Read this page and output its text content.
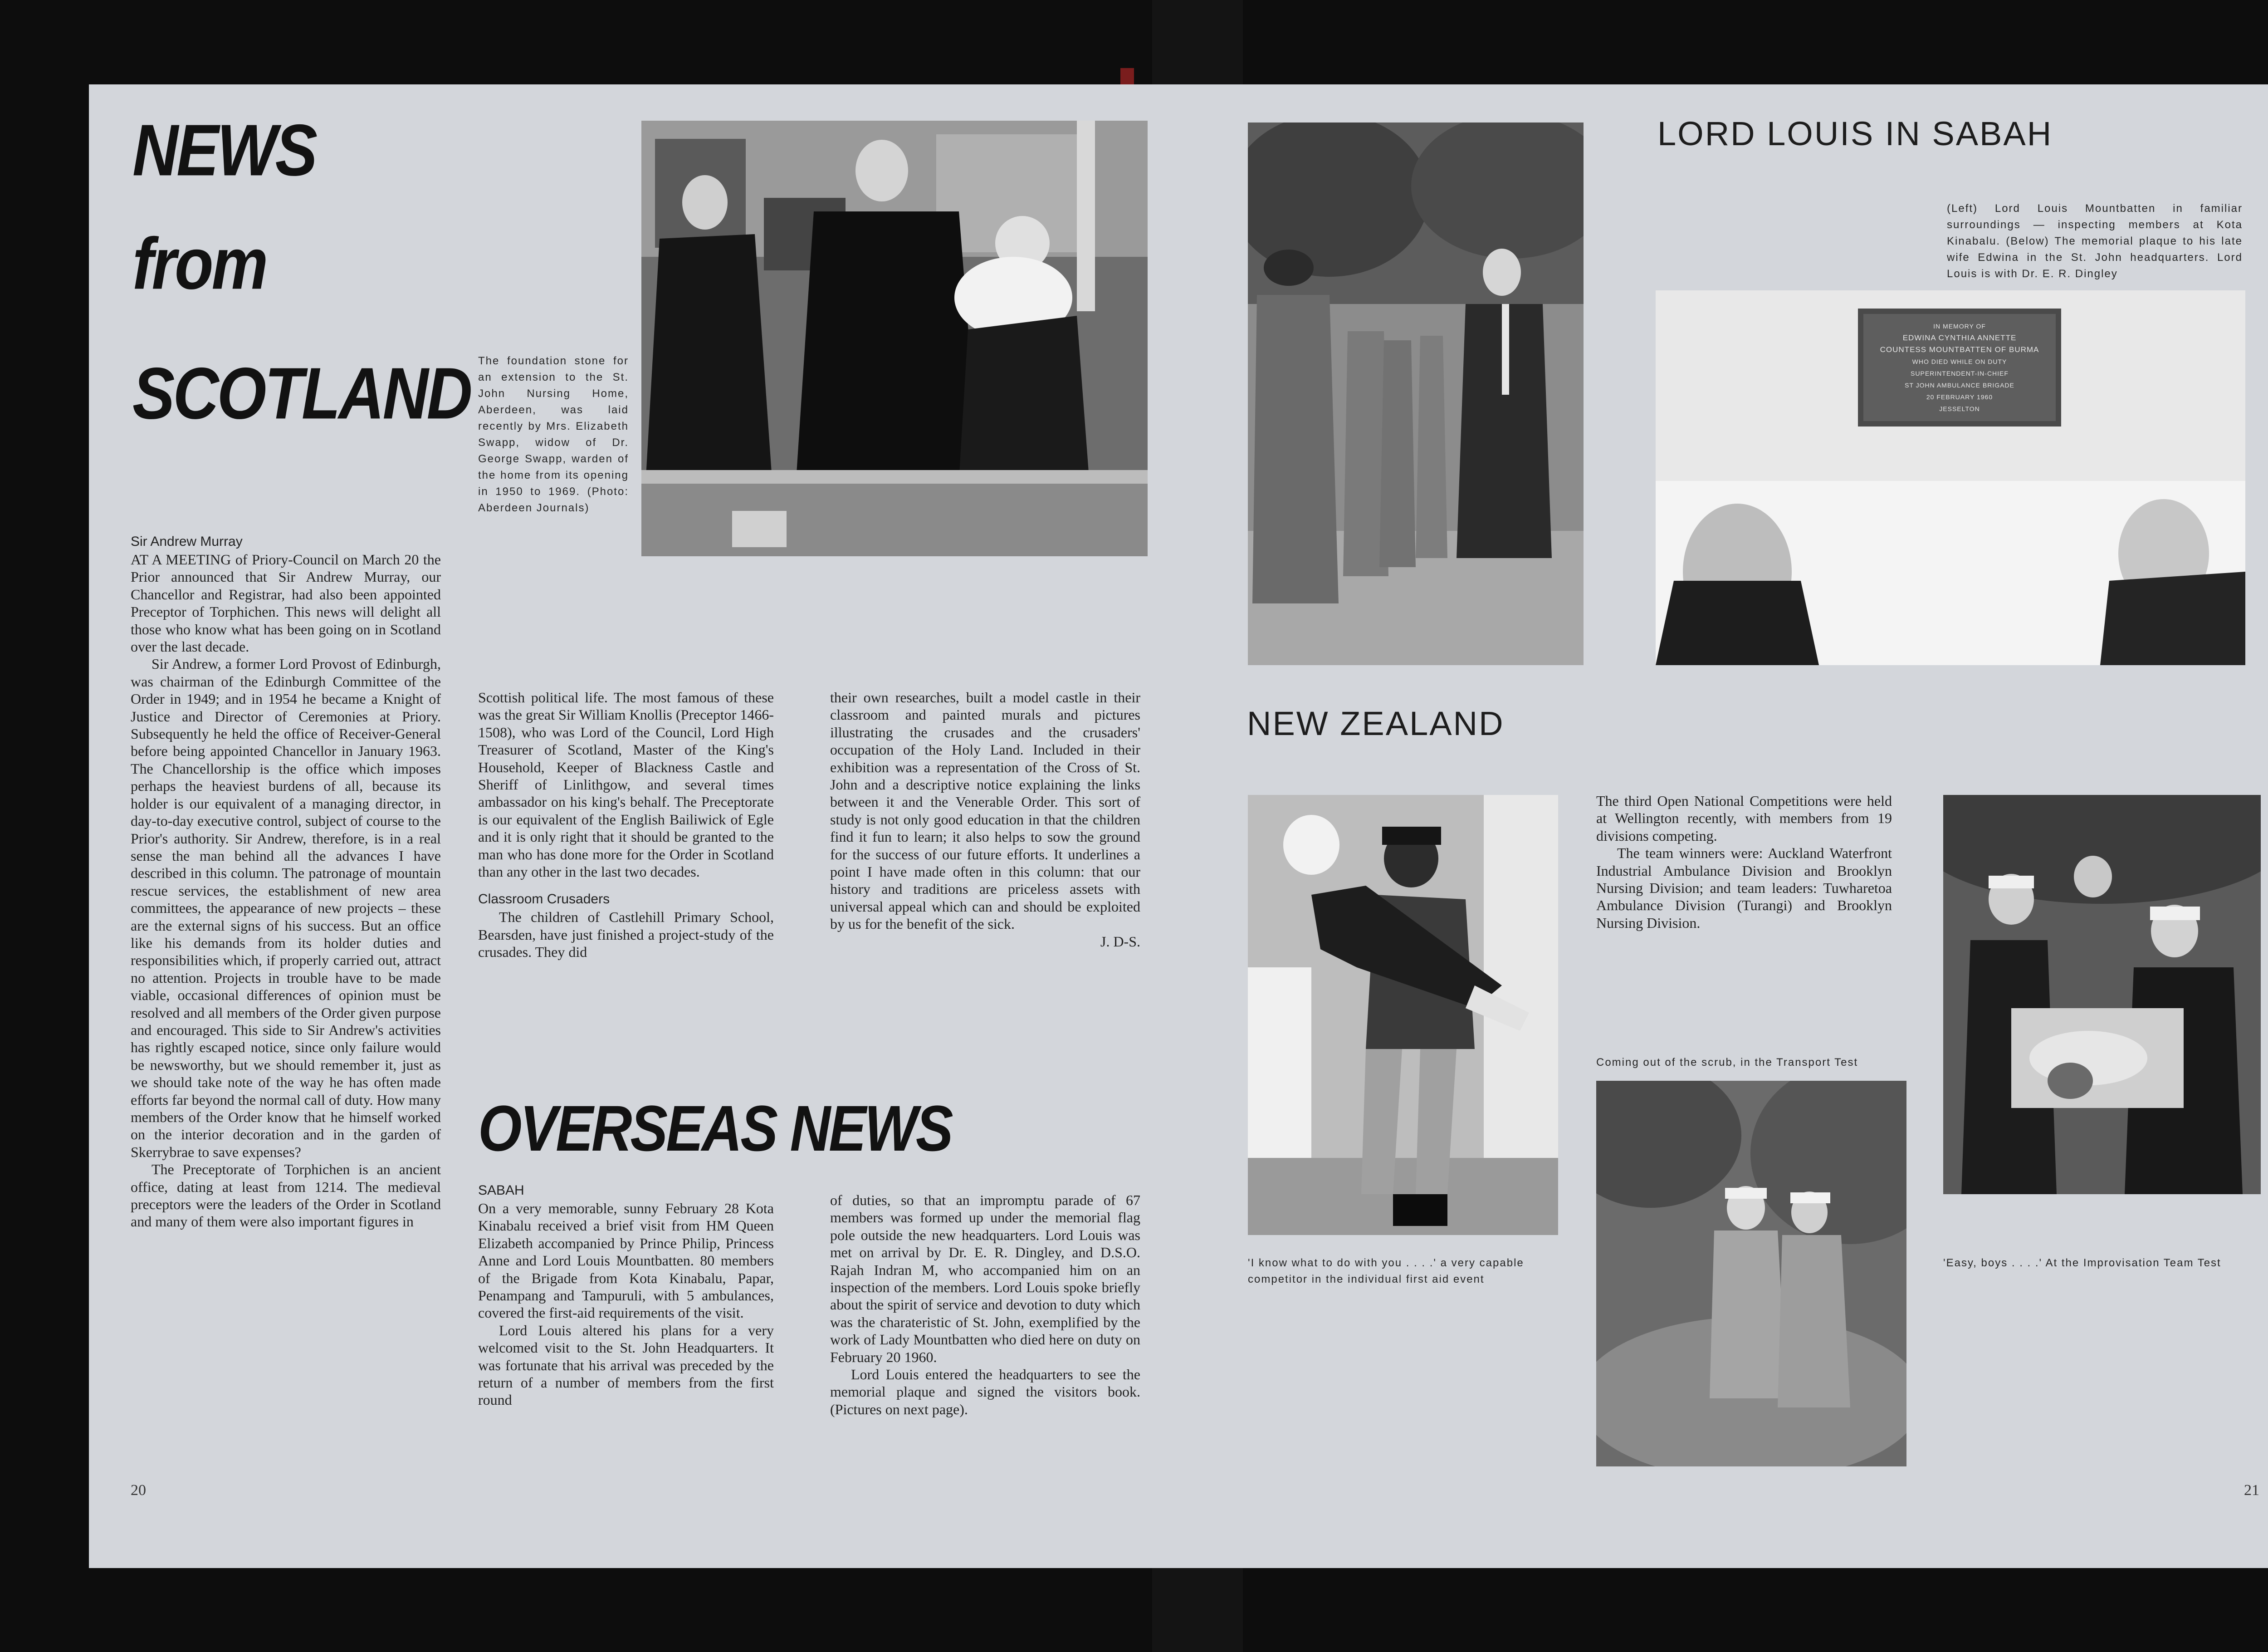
NEWS
from
SCOTLAND The foundation stone for an extension to the St. John Nursing Home, Aberdeen, was laid recently by Mrs. Elizabeth Swapp, widow of Dr. George Swapp, warden of the home from its opening in 1950 to 1969. (Photo: Aberdeen Journals)

Sir Andrew Murray

AT A MEETING of Priory-Council on March 20 the Prior announced that Sir Andrew Murray, our Chancellor and Registrar, had also been appointed Preceptor of Torphichen. This news will delight all those who know what has been going on in Scotland over the last decade.

Sir Andrew, a former Lord Provost of Edinburgh, was chairman of the Edinburgh Committee of the Order in 1949; and in 1954 he became a Knight of Justice and Director of Ceremonies at Priory. Subsequently he held the office of Receiver-General before being appointed Chancellor in January 1963. The Chancellorship is the office which imposes perhaps the heaviest burdens of all, because its holder is our equivalent of a managing director, in day-to-day executive control, subject of course to the Prior's authority. Sir Andrew, therefore, is in a real sense the man behind all the advances I have described in this column. The patronage of mountain rescue services, the establishment of new area committees, the appearance of new projects – these are the external signs of his success. But an office like his demands from its holder duties and responsibilities which, if properly carried out, attract no attention. Projects in trouble have to be made viable, occasional differences of opinion must be resolved and all members of the Order given purpose and encouraged. This side to Sir Andrew's activities has rightly escaped notice, since only failure would be newsworthy, but we should remember it, just as we should take note of the way he has often made efforts far beyond the normal call of duty. How many members of the Order know that he himself worked on the interior decoration and in the garden of Skerrybrae to save expenses?

The Preceptorate of Torphichen is an ancient office, dating at least from 1214. The medieval preceptors were the leaders of the Order in Scotland and many of them were also important figures in

Scottish political life. The most famous of these was the great Sir William Knollis (Preceptor 1466-1508), who was Lord of the Council, Lord High Treasurer of Scotland, Master of the King's Household, Keeper of Blackness Castle and Sheriff of Linlithgow, and several times ambassador on his king's behalf. The Preceptorate is our equivalent of the English Bailiwick of Egle and it is only right that it should be granted to the man who has done more for the Order in Scotland than any other in the last two decades.

Classroom Crusaders

The children of Castlehill Primary School, Bearsden, have just finished a project-study of the crusades. They did

their own researches, built a model castle in their classroom and painted murals and pictures illustrating the crusades and the crusaders' occupation of the Holy Land. Included in their exhibition was a representation of the Cross of St. John and a descriptive notice explaining the links between it and the Venerable Order. This sort of study is not only good education in that the children find it fun to learn; it also helps to sow the ground for the success of our future efforts. It underlines a point I have made often in this column: that our history and traditions are priceless assets with universal appeal which can and should be exploited by us for the benefit of the sick.

J. D-S.

OVERSEAS NEWS
SABAH

On a very memorable, sunny February 28 Kota Kinabalu received a brief visit from HM Queen Elizabeth accompanied by Prince Philip, Princess Anne and Lord Louis Mountbatten. 80 members of the Brigade from Kota Kinabalu, Papar, Penampang and Tampuruli, with 5 ambulances, covered the first-aid requirements of the visit.

Lord Louis altered his plans for a very welcomed visit to the St. John Headquarters. It was fortunate that his arrival was preceded by the return of a number of members from the first round

of duties, so that an impromptu parade of 67 members was formed up under the memorial flag pole outside the new headquarters. Lord Louis was met on arrival by Dr. E. R. Dingley, and D.S.O. Rajah Indran M, who accompanied him on an inspection of the members. Lord Louis spoke briefly about the spirit of service and devotion to duty which was the charateristic of St. John, exemplified by the work of Lady Mountbatten who died here on duty on February 20 1960.

Lord Louis entered the headquarters to see the memorial plaque and signed the visitors book. (Pictures on next page).

20
LORD LOUIS IN SABAH

(Left) Lord Louis Mountbatten in familiar surroundings — inspecting members at Kota Kinabalu. (Below) The memorial plaque to his late wife Edwina in the St. John headquarters. Lord Louis is with Dr. E. R. Dingley

IN MEMORY OF
EDWINA CYNTHIA ANNETTE
COUNTESS MOUNTBATTEN OF BURMA
WHO DIED WHILE ON DUTY
SUPERINTENDENT-IN-CHIEF
ST JOHN AMBULANCE BRIGADE
20 FEBRUARY 1960
JESSELTON
NEW ZEALAND

'I know what to do with you . . . .' a very capable competitor in the individual first aid event

The third Open National Competitions were held at Wellington recently, with members from 19 divisions competing.

The team winners were: Auckland Waterfront Industrial Ambulance Division and Brooklyn Nursing Division; and team leaders: Tuwharetoa Ambulance Division (Turangi) and Brooklyn Nursing Division.

Coming out of the scrub, in the Transport Test

'Easy, boys . . . .' At the Improvisation Team Test

21
